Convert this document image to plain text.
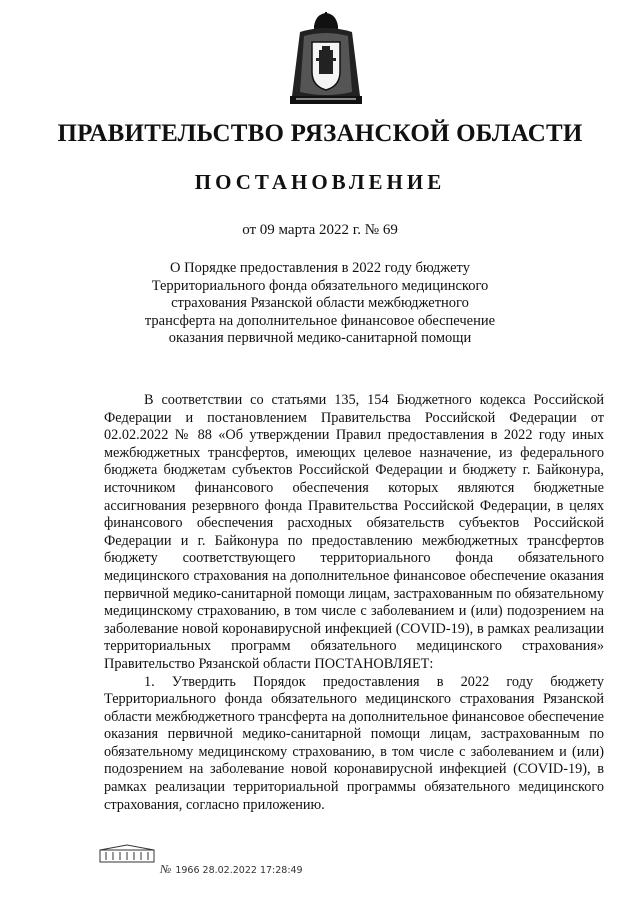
ПРАВИТЕЛЬСТВО РЯЗАНСКОЙ ОБЛАСТИ
ПОСТАНОВЛЕНИЕ
от 09 марта 2022 г. № 69
О Порядке предоставления в 2022 году бюджету
Территориального фонда обязательного медицинского
страхования Рязанской области межбюджетного
трансферта на дополнительное финансовое обеспечение
оказания первичной медико-санитарной помощи

В соответствии со статьями 135, 154 Бюджетного кодекса Российской Федерации и постановлением Правительства Российской Федерации от 02.02.2022 № 88 «Об утверждении Правил предоставления в 2022 году иных межбюджетных трансфертов, имеющих целевое назначение, из федерального бюджета бюджетам субъектов Российской Федерации и бюджету г. Байконура, источником финансового обеспечения которых являются бюджетные ассигнования резервного фонда Правительства Российской Федерации, в целях финансового обеспечения расходных обязательств субъектов Российской Федерации и г. Байконура по предоставлению межбюджетных трансфертов бюджету соответствующего территориального фонда обязательного медицинского страхования на дополнительное финансовое обеспечение оказания первичной медико-санитарной помощи лицам, застрахованным по обязательному медицинскому страхованию, в том числе с заболеванием и (или) подозрением на заболевание новой коронавирусной инфекцией (COVID-19), в рамках реализации территориальных программ обязательного медицинского страхования» Правительство Рязанской области ПОСТАНОВЛЯЕТ:

1. Утвердить Порядок предоставления в 2022 году бюджету Территориального фонда обязательного медицинского страхования Рязанской области межбюджетного трансферта на дополнительное финансовое обеспечение оказания первичной медико-санитарной помощи лицам, застрахованным по обязательному медицинскому страхованию, в том числе с заболеванием и (или) подозрением на заболевание новой коронавирусной инфекцией (COVID-19), в рамках реализации территориальной программы обязательного медицинского страхования, согласно приложению.

№ 1966 28.02.2022 17:28:49
